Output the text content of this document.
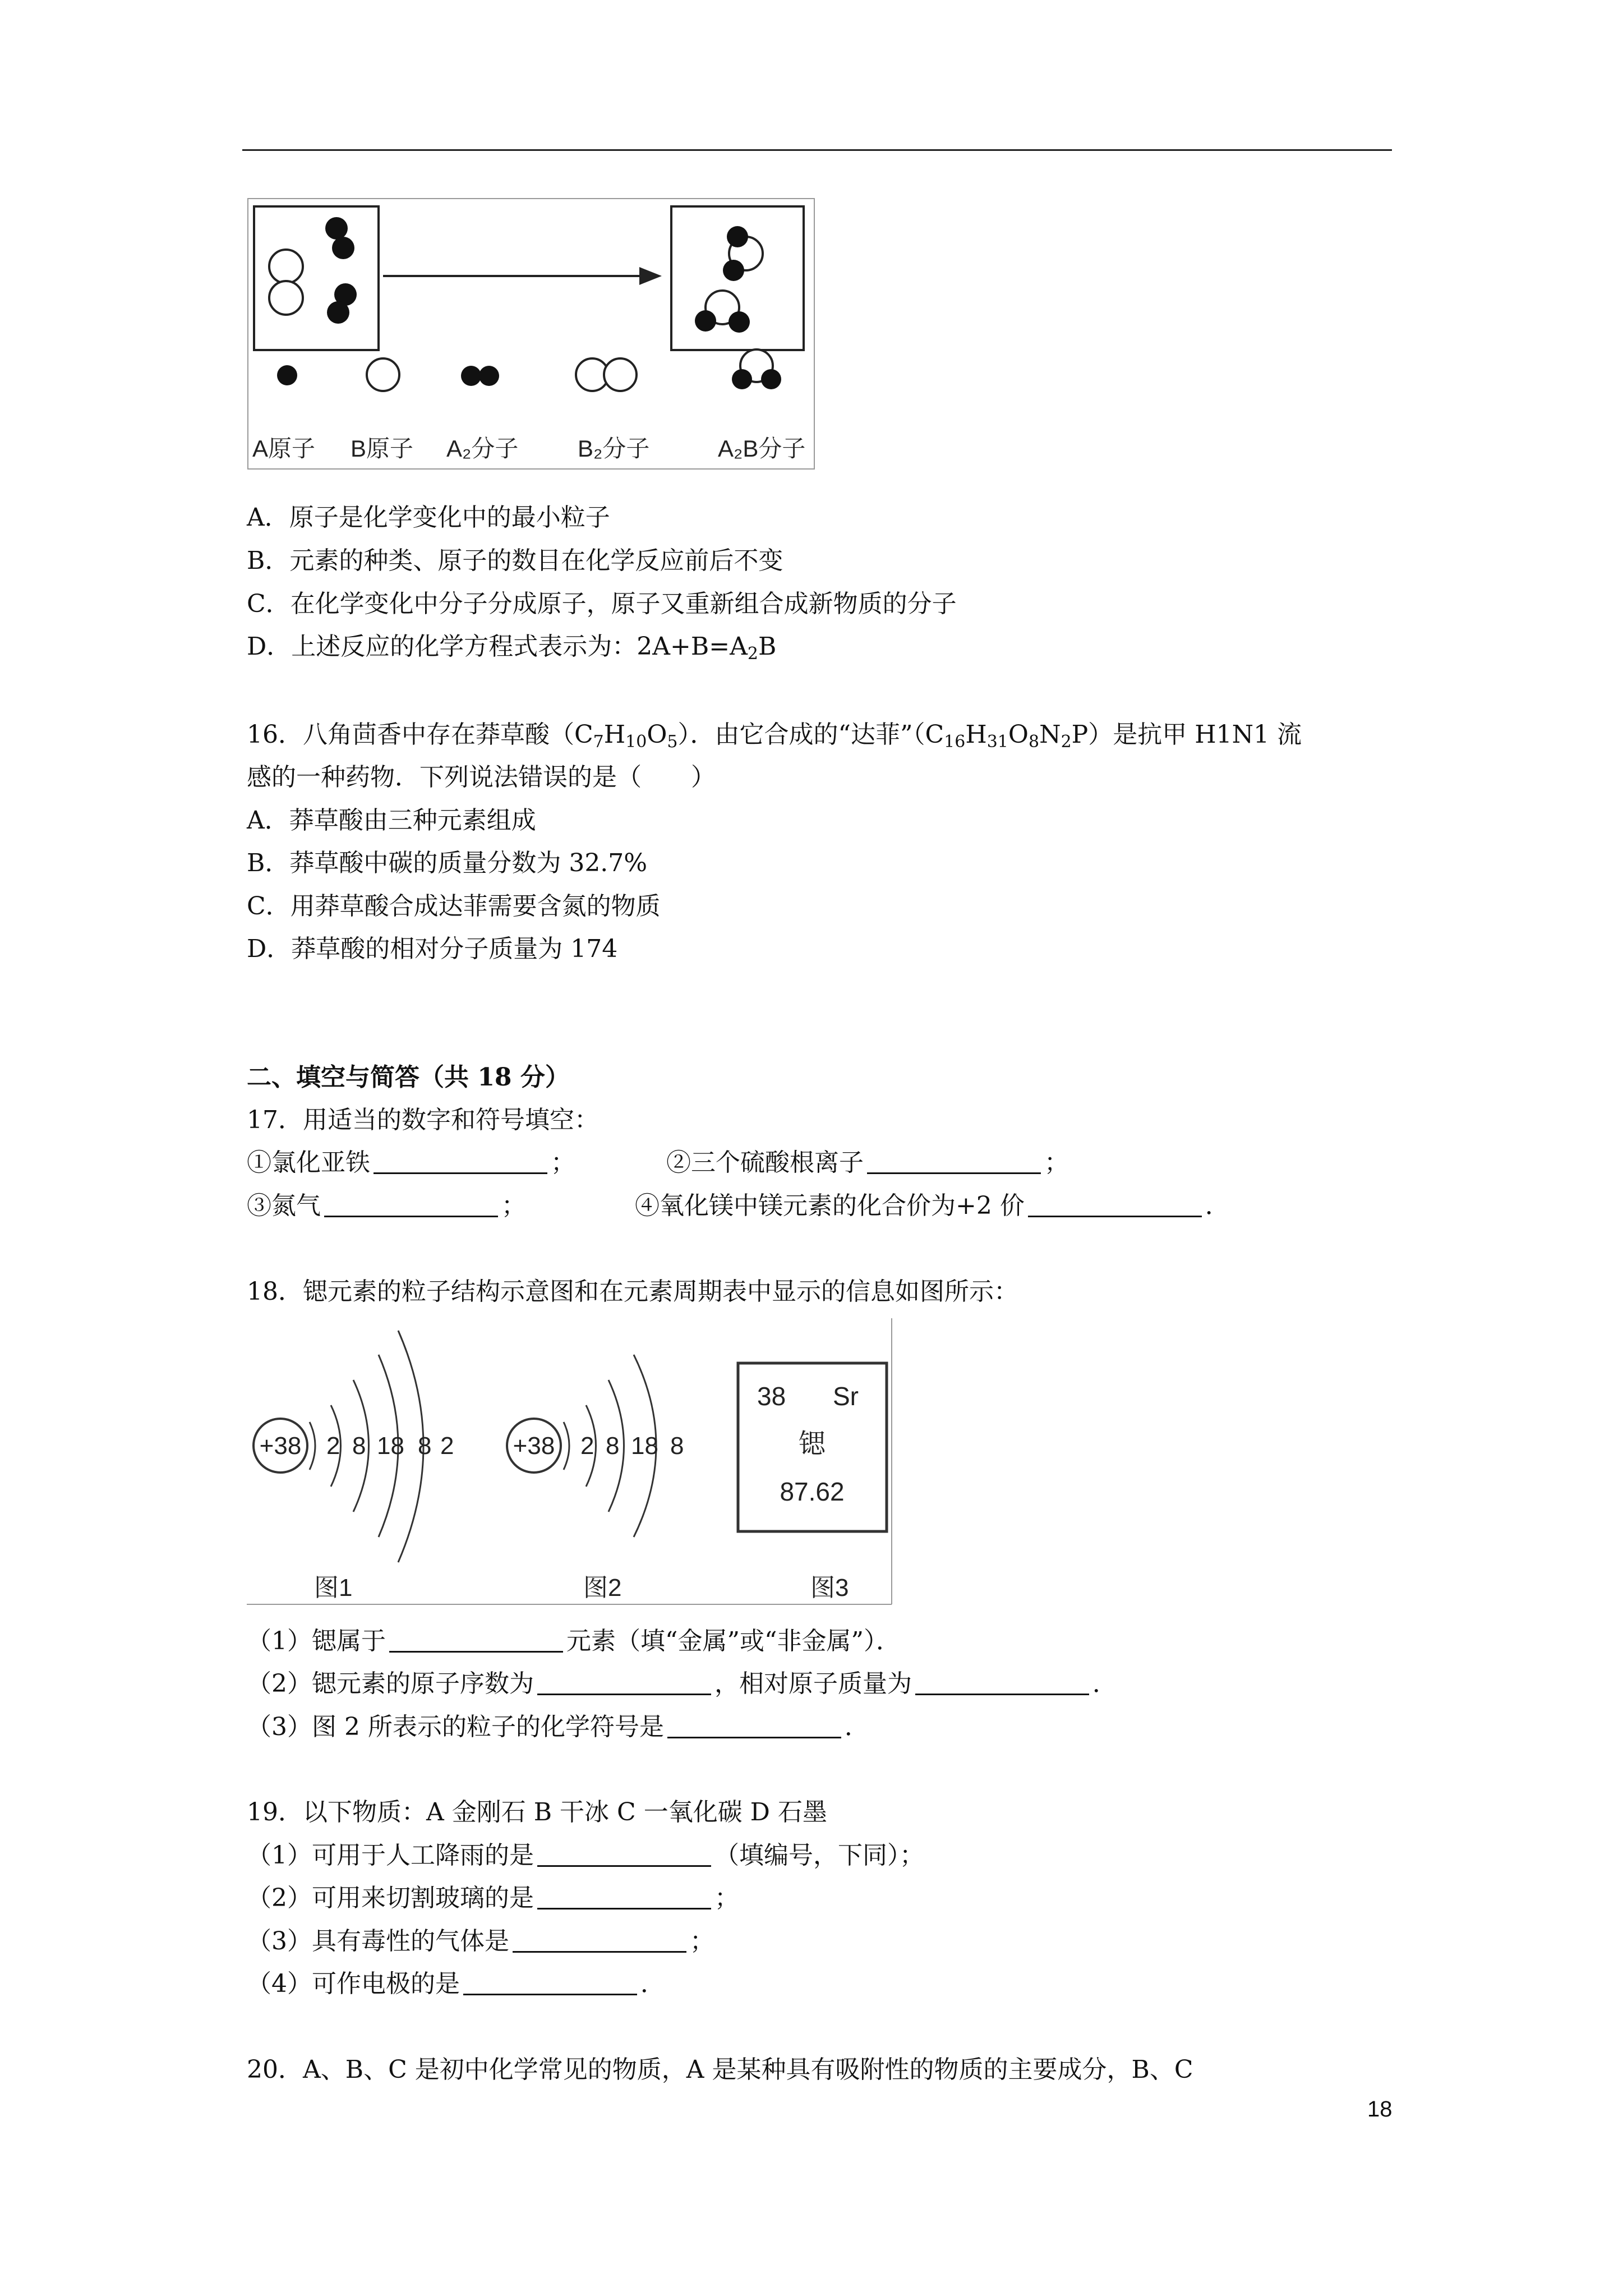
A原子 B原子 A₂分子	B₂分子	A₂B分子
A．原子是化学变化中的最小粒子
B．元素的种类、原子的数目在化学反应前后不变
C．在化学变化中分子分成原子，原子又重新组合成新物质的分子
D．上述反应的化学方程式表示为：$2A+B=A_2B$
16．八角茴香中存在莽草酸$(C_7H_{10}O_5)$．由它合成的“达菲$”(C_{16}H_{31}O_8N_2P)$是抗甲 H1N1 流
感的一种药物．下列说法错误的是（　　）
A．莽草酸由三种元素组成
B．莽草酸中碳的质量分数为 32.7%
C．用莽草酸合成达菲需要含氮的物质
D．莽草酸的相对分子质量为 174
二、填空与简答（共 18 分）
17．用适当的数字和符号填空：
①氯化亚铁	；	②三个硫酸根离子	；
③氮气	；	④氧化镁中镁元素的化合价为+2 价	．
18．锶元素的粒子结构示意图和在元素周期表中显示的信息如图所示：
+38 2 8 18 8 2
图1
+38 2 8 18 8
图2
38 Sr
锶
87.62
图3
（1）锶属于	元素（填“金属”或“非金属”）．
（2）锶元素的原子序数为	，相对原子质量为	．
（3）图 2 所表示的粒子的化学符号是	．
19．以下物质：A 金刚石 B 干冰 C 一氧化碳 D 石墨
（1）可用于人工降雨的是	（填编号，下同）；
（2）可用来切割玻璃的是	；
（3）具有毒性的气体是	；
（4）可作电极的是	．
20．A、B、C 是初中化学常见的物质，A 是某种具有吸附性的物质的主要成分，B、C
18
